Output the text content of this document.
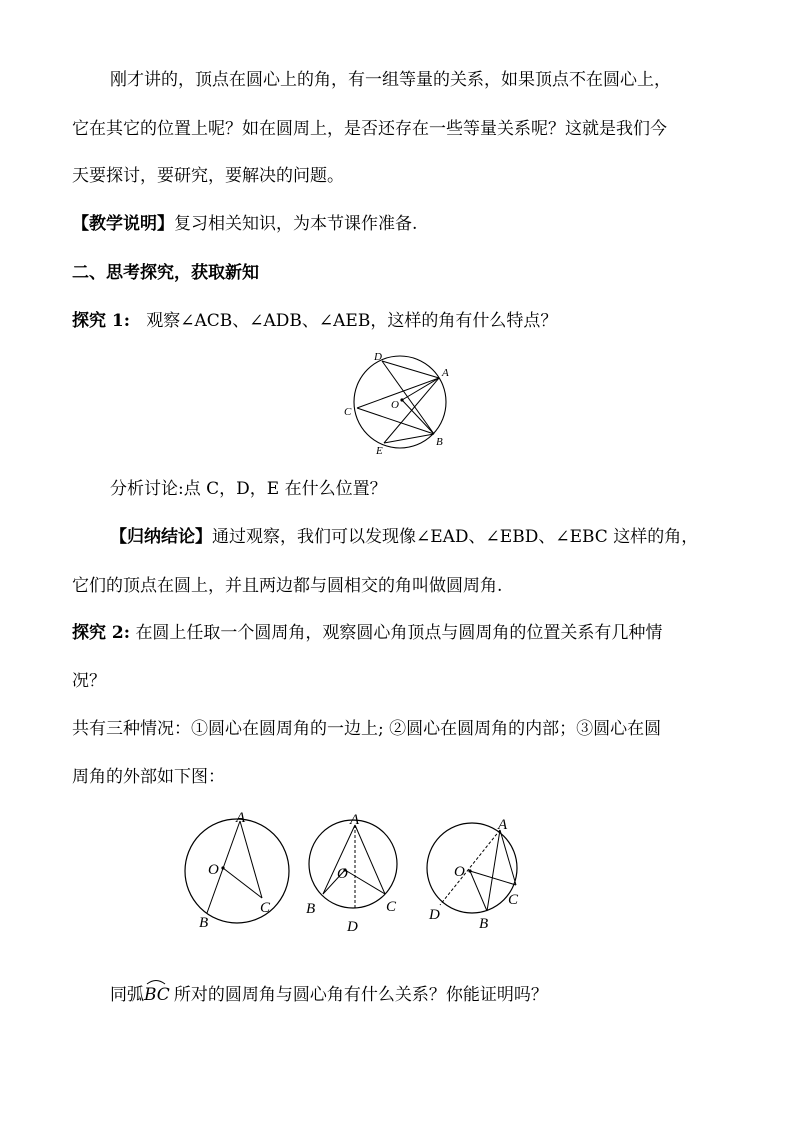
刚才讲的，顶点在圆心上的角，有一组等量的关系，如果顶点不在圆心上，
它在其它的位置上呢？如在圆周上，是否还存在一些等量关系呢？这就是我们今
天要探讨，要研究，要解决的问题。
【教学说明】复习相关知识，为本节课作准备.
二、思考探究，获取新知
探究 1: 观察∠ACB、∠ADB、∠AEB，这样的角有什么特点？
D
A
O
C
B
E
分析讨论:点 C，D，E 在什么位置？
【归纳结论】通过观察，我们可以发现像∠EAD、∠EBD、∠EBC 这样的角，
它们的顶点在圆上，并且两边都与圆相交的角叫做圆周角.
探究 2: 在圆上任取一个圆周角，观察圆心角顶点与圆周角的位置关系有几种情
况？
共有三种情况：①圆心在圆周角的一边上; ②圆心在圆周角的内部；③圆心在圆
周角的外部如下图：
A
O
C
B
A
O
B	C
D
A
O
C
D
B
同弧
BC 所对的圆周角与圆心角有什么关系？你能证明吗？
